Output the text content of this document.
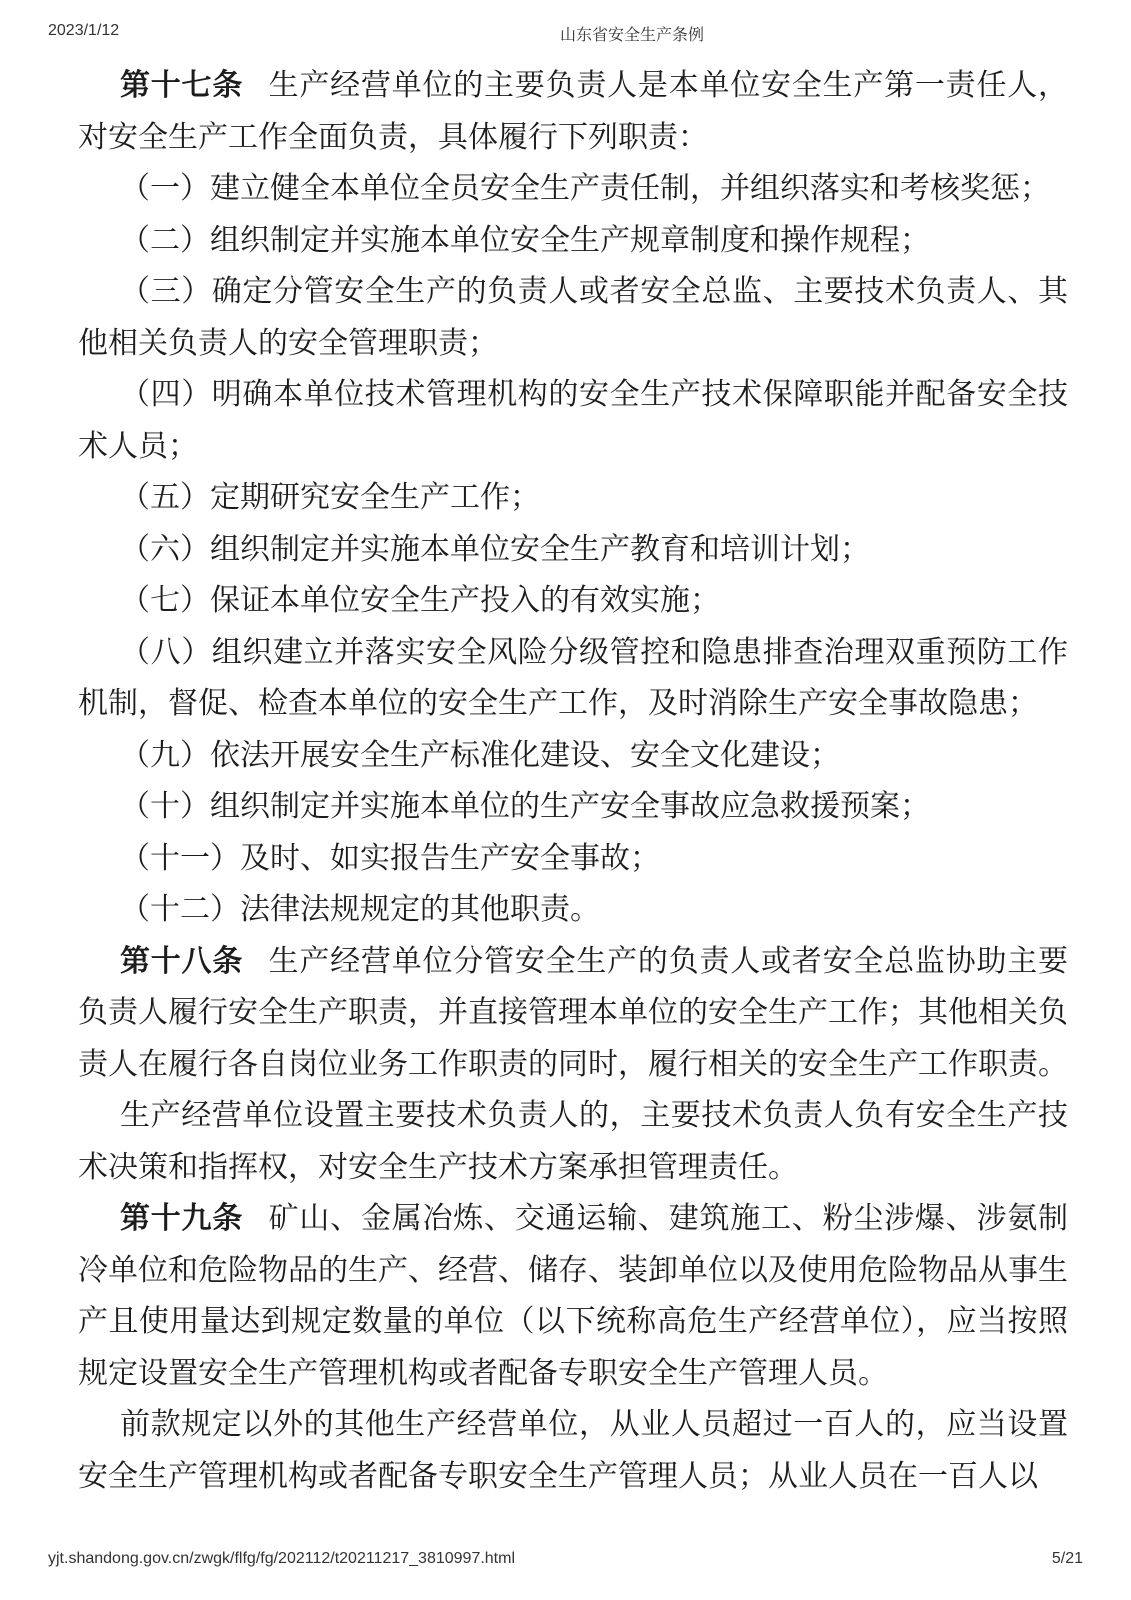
2023/1/12	山东省安全生产条例

第十七条 生产经营单位的主要负责人是本单位安全生产第一责任人，对安全生产工作全面负责，具体履行下列职责：

（一）建立健全本单位全员安全生产责任制，并组织落实和考核奖惩；

（二）组织制定并实施本单位安全生产规章制度和操作规程；

（三）确定分管安全生产的负责人或者安全总监、主要技术负责人、其他相关负责人的安全管理职责；

（四）明确本单位技术管理机构的安全生产技术保障职能并配备安全技术人员；

（五）定期研究安全生产工作；

（六）组织制定并实施本单位安全生产教育和培训计划；

（七）保证本单位安全生产投入的有效实施；

（八）组织建立并落实安全风险分级管控和隐患排查治理双重预防工作机制，督促、检查本单位的安全生产工作，及时消除生产安全事故隐患；

（九）依法开展安全生产标准化建设、安全文化建设；

（十）组织制定并实施本单位的生产安全事故应急救援预案；

（十一）及时、如实报告生产安全事故；

（十二）法律法规规定的其他职责。

第十八条 生产经营单位分管安全生产的负责人或者安全总监协助主要负责人履行安全生产职责，并直接管理本单位的安全生产工作；其他相关负责人在履行各自岗位业务工作职责的同时，履行相关的安全生产工作职责。

生产经营单位设置主要技术负责人的，主要技术负责人负有安全生产技术决策和指挥权，对安全生产技术方案承担管理责任。

第十九条 矿山、金属冶炼、交通运输、建筑施工、粉尘涉爆、涉氨制冷单位和危险物品的生产、经营、储存、装卸单位以及使用危险物品从事生产且使用量达到规定数量的单位（以下统称高危生产经营单位），应当按照规定设置安全生产管理机构或者配备专职安全生产管理人员。

前款规定以外的其他生产经营单位，从业人员超过一百人的，应当设置安全生产管理机构或者配备专职安全生产管理人员；从业人员在一百人以

yjt.shandong.gov.cn/zwgk/flfg/fg/202112/t20211217_3810997.html	5/21
